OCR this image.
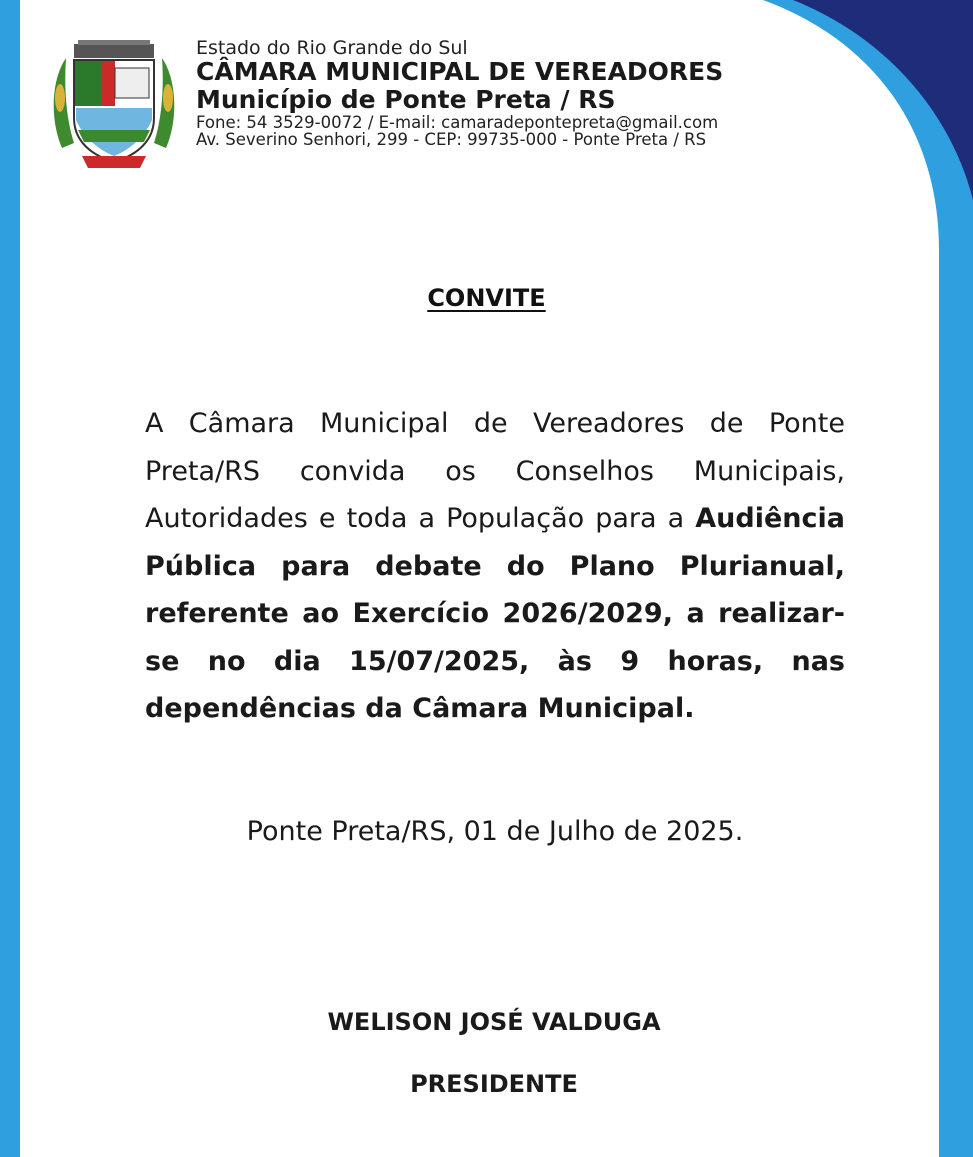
Estado do Rio Grande do Sul
CÂMARA MUNICIPAL DE VEREADORES
Município de Ponte Preta / RS
Fone: 54 3529-0072 / E-mail: camaradepontepreta@gmail.com
Av. Severino Senhori, 299 - CEP: 99735-000 - Ponte Preta / RS
CONVITE
A Câmara Municipal de Vereadores de Ponte Preta/RS convida os Conselhos Municipais, Autoridades e toda a População para a Audiência Pública para debate do Plano Plurianual, referente ao Exercício 2026/2029, a realizar-se no dia 15/07/2025, às 9 horas, nas dependências da Câmara Municipal.
Ponte Preta/RS, 01 de Julho de 2025.
WELISON JOSÉ VALDUGA
PRESIDENTE
